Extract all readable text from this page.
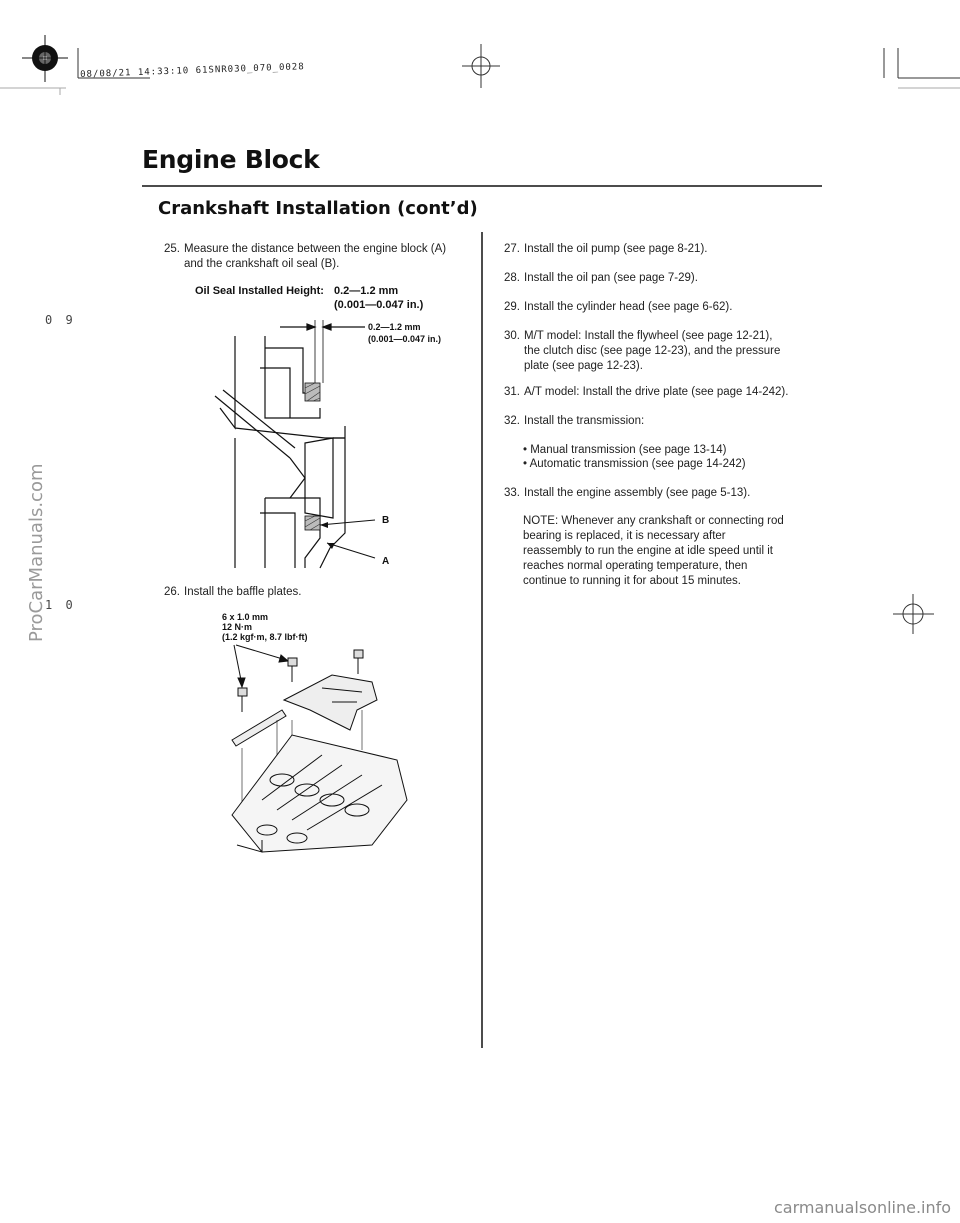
08/08/21 14:33:10 61SNR030_070_0028
Engine Block
Crankshaft Installation (cont’d)
0 9
1 0
ProCarManuals.com
carmanualsonline.info
25. Measure the distance between the engine block (A)
and the crankshaft oil seal (B).
Oil Seal Installed Height: 0.2—1.2 mm
(0.001—0.047 in.)
0.2—1.2 mm
(0.001—0.047 in.)
B
A
26. Install the baffle plates.
6 x 1.0 mm
12 N·m
(1.2 kgf·m, 8.7 lbf·ft)
27. Install the oil pump (see page 8-21).
28. Install the oil pan (see page 7-29).
29. Install the cylinder head (see page 6-62).
30. M/T model: Install the flywheel (see page 12-21),
the clutch disc (see page 12-23), and the pressure
plate (see page 12-23).
31. A/T model: Install the drive plate (see page 14-242).
32. Install the transmission:
• Manual transmission (see page 13-14)
• Automatic transmission (see page 14-242)
33. Install the engine assembly (see page 5-13).
NOTE: Whenever any crankshaft or connecting rod
bearing is replaced, it is necessary after
reassembly to run the engine at idle speed until it
reaches normal operating temperature, then
continue to running it for about 15 minutes.
